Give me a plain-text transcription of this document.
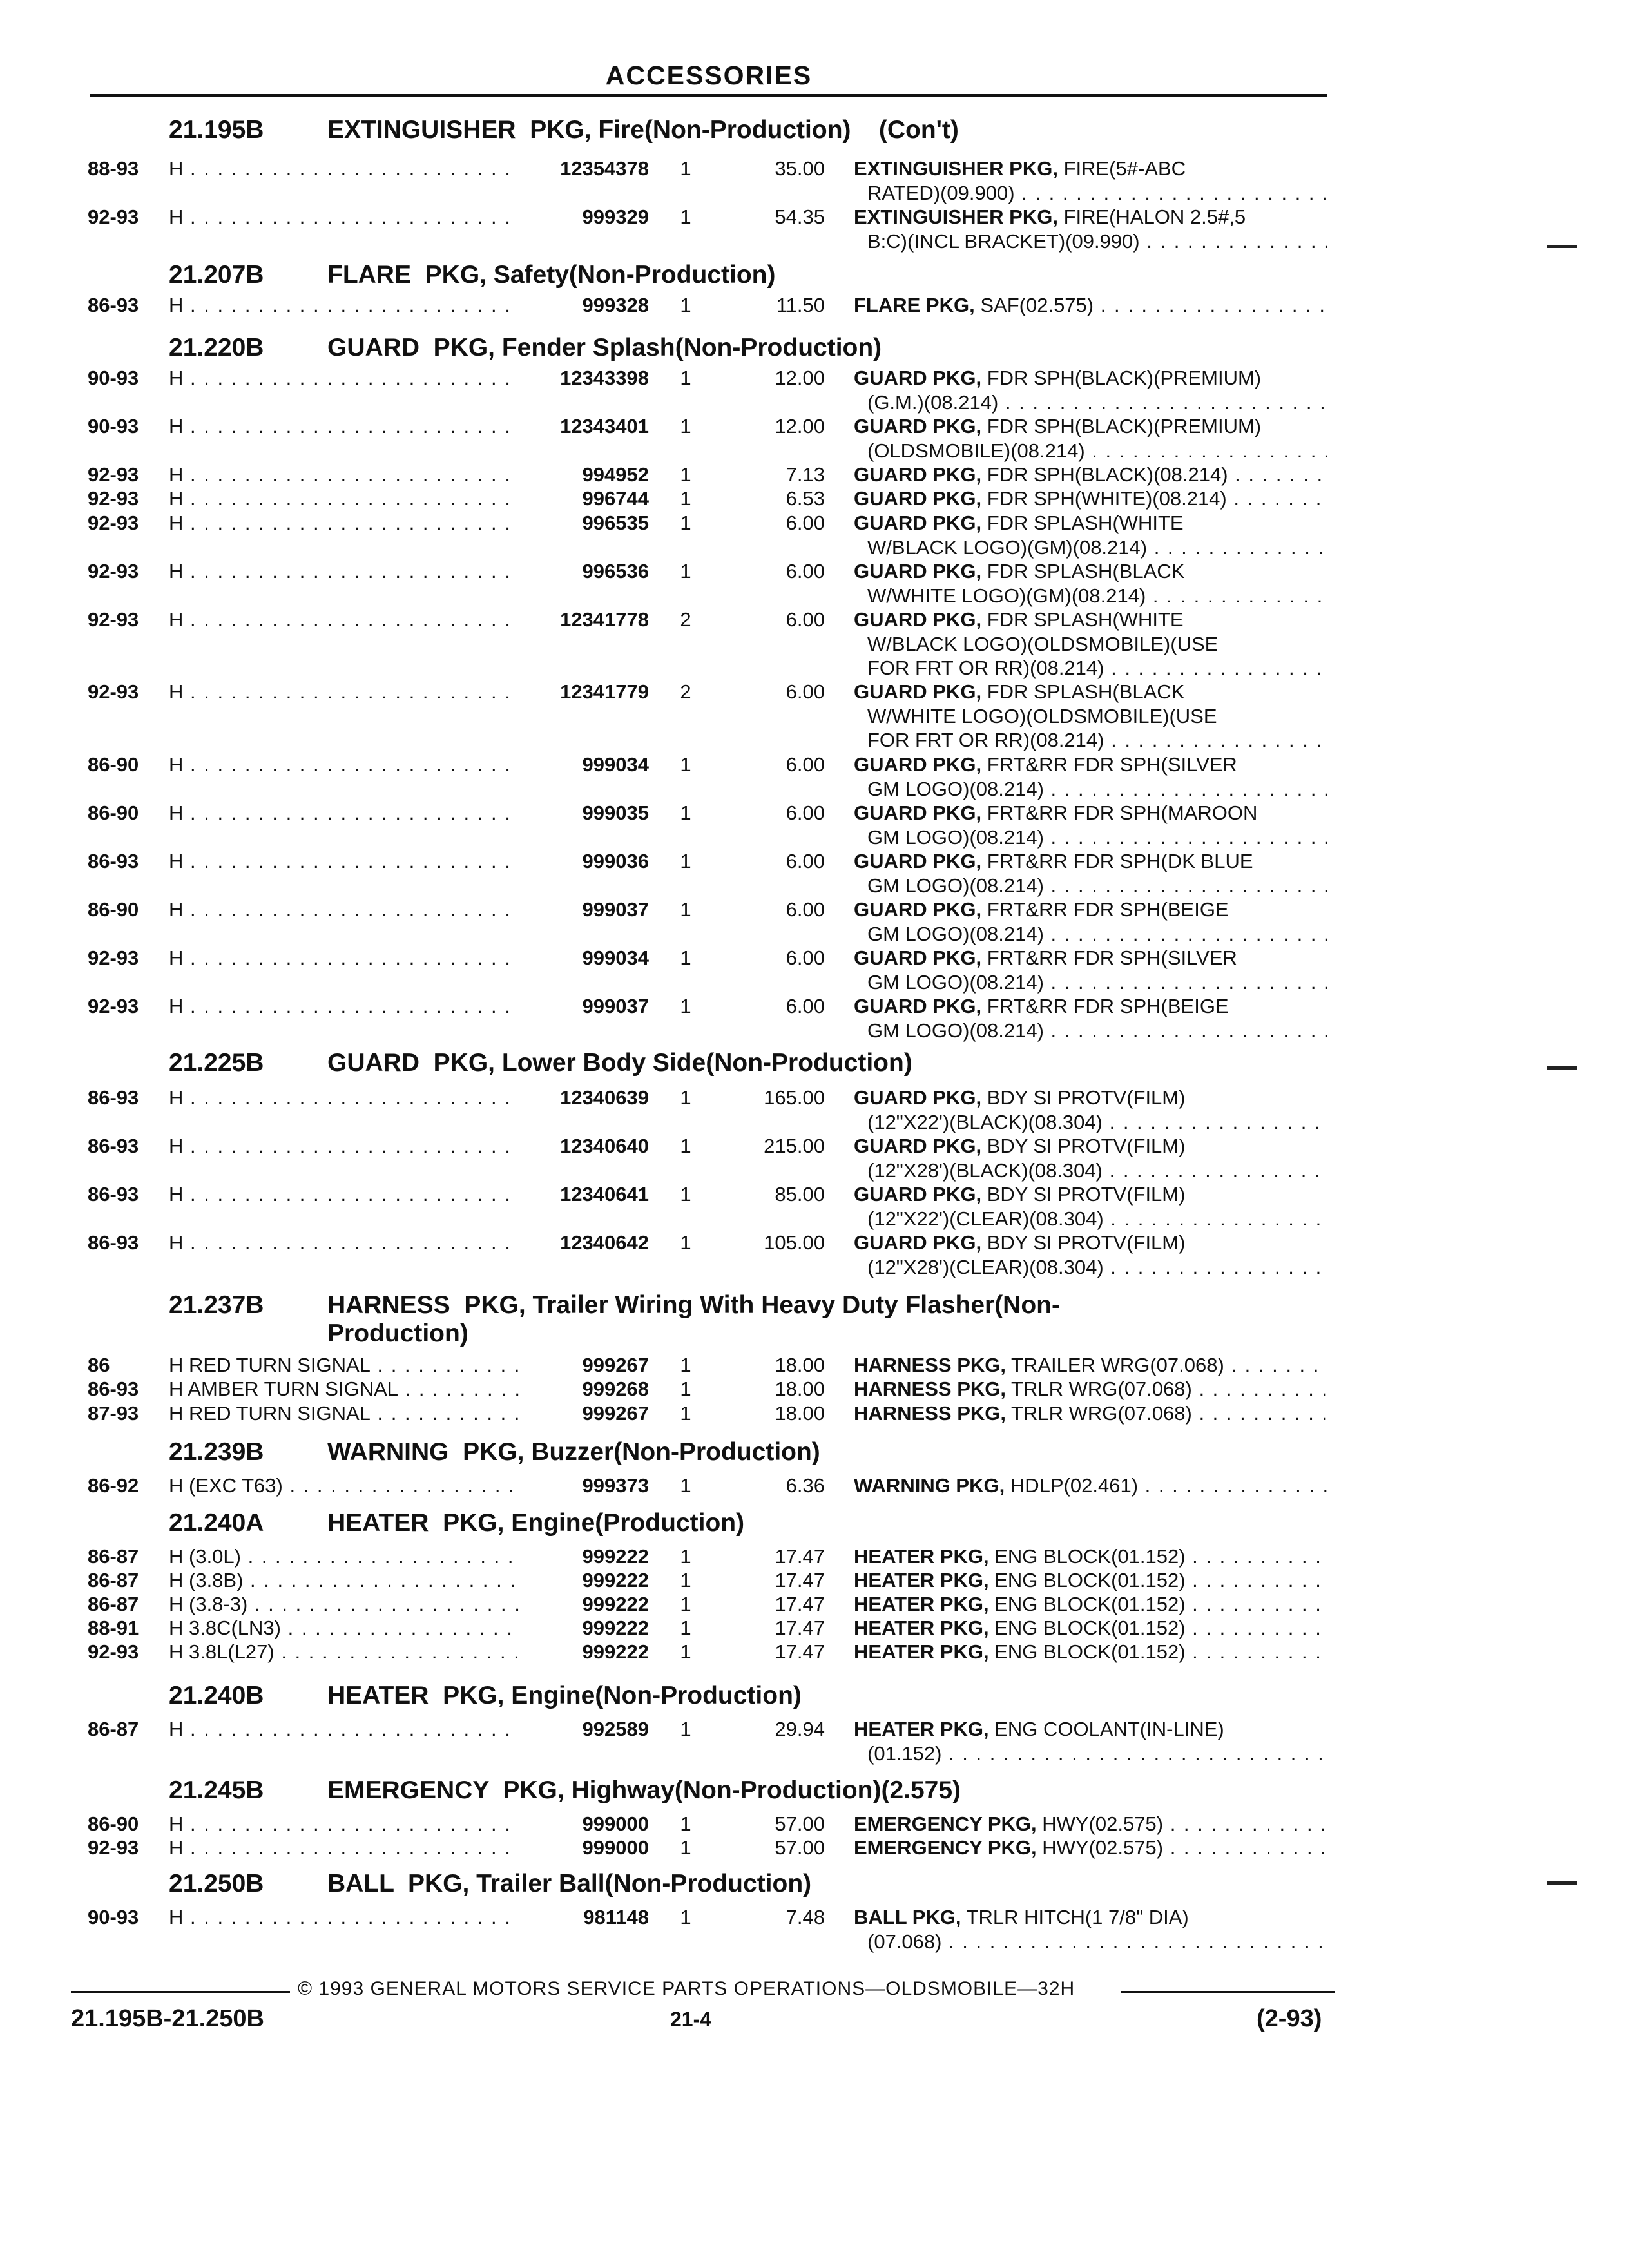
ACCESSORIES
21.195B	EXTINGUISHER  PKG, Fire(Non-Production)    (Con't)
88-93 H . . .	12354378 1	35.00 EXTINGUISHER PKG, FIRE(5#-ABC
RATED)(09.900) . . .
92-93 H . . .	999329 1	54.35 EXTINGUISHER PKG, FIRE(HALON 2.5#,5
B:C)(INCL BRACKET)(09.990) . . .
21.207B	FLARE  PKG, Safety(Non-Production)
86-93 H . . .	999328 1	11.50 FLARE PKG, SAF(02.575) . . .
21.220B	GUARD  PKG, Fender Splash(Non-Production)
90-93 H . . .	12343398 1	12.00 GUARD PKG, FDR SPH(BLACK)(PREMIUM)
(G.M.)(08.214) . . .
90-93 H . . .	12343401 1	12.00 GUARD PKG, FDR SPH(BLACK)(PREMIUM)
(OLDSMOBILE)(08.214) . . .
92-93 H . . .	994952 1	7.13 GUARD PKG, FDR SPH(BLACK)(08.214) . . .
92-93 H . . .	996744 1	6.53 GUARD PKG, FDR SPH(WHITE)(08.214) . . .
92-93 H . . .	996535 1	6.00 GUARD PKG, FDR SPLASH(WHITE
W/BLACK LOGO)(GM)(08.214) . . .
92-93 H . . .	996536 1	6.00 GUARD PKG, FDR SPLASH(BLACK
W/WHITE LOGO)(GM)(08.214) . . .
92-93 H . . .	12341778 2	6.00 GUARD PKG, FDR SPLASH(WHITE
W/BLACK LOGO)(OLDSMOBILE)(USE
FOR FRT OR RR)(08.214) . . .
92-93 H . . .	12341779 2	6.00 GUARD PKG, FDR SPLASH(BLACK
W/WHITE LOGO)(OLDSMOBILE)(USE
FOR FRT OR RR)(08.214) . . .
86-90 H . . .	999034 1	6.00 GUARD PKG, FRT&RR FDR SPH(SILVER
GM LOGO)(08.214) . . .
86-90 H . . .	999035 1	6.00 GUARD PKG, FRT&RR FDR SPH(MAROON
GM LOGO)(08.214) . . .
86-93 H . . .	999036 1	6.00 GUARD PKG, FRT&RR FDR SPH(DK BLUE
GM LOGO)(08.214) . . .
86-90 H . . .	999037 1	6.00 GUARD PKG, FRT&RR FDR SPH(BEIGE
GM LOGO)(08.214) . . .
92-93 H . . .	999034 1	6.00 GUARD PKG, FRT&RR FDR SPH(SILVER
GM LOGO)(08.214) . . .
92-93 H . . .	999037 1	6.00 GUARD PKG, FRT&RR FDR SPH(BEIGE
GM LOGO)(08.214) . . .
21.225B	GUARD  PKG, Lower Body Side(Non-Production)
86-93 H . . .	12340639 1	165.00 GUARD PKG, BDY SI PROTV(FILM)
(12"X22')(BLACK)(08.304) . . .
86-93 H . . .	12340640 1	215.00 GUARD PKG, BDY SI PROTV(FILM)
(12"X28')(BLACK)(08.304) . . .
86-93 H . . .	12340641 1	85.00 GUARD PKG, BDY SI PROTV(FILM)
(12"X22')(CLEAR)(08.304) . . .
86-93 H . . .	12340642 1	105.00 GUARD PKG, BDY SI PROTV(FILM)
(12"X28')(CLEAR)(08.304) . . .
21.237B	HARNESS  PKG, Trailer Wiring With Heavy Duty Flasher(Non-
Production)
86	H RED TURN SIGNAL . . .	999267 1	18.00 HARNESS PKG, TRAILER WRG(07.068) . . .
86-93 H AMBER TURN SIGNAL . . .	999268 1	18.00 HARNESS PKG, TRLR WRG(07.068) . . .
87-93 H RED TURN SIGNAL . . .	999267 1	18.00 HARNESS PKG, TRLR WRG(07.068) . . .
21.239B	WARNING  PKG, Buzzer(Non-Production)
86-92 H (EXC T63) . . .	999373 1	6.36 WARNING PKG, HDLP(02.461) . . .
21.240A	HEATER  PKG, Engine(Production)
86-87 H (3.0L) . . .	999222 1	17.47 HEATER PKG, ENG BLOCK(01.152) . . .
86-87 H (3.8B) . . .	999222 1	17.47 HEATER PKG, ENG BLOCK(01.152) . . .
86-87 H (3.8-3) . . .	999222 1	17.47 HEATER PKG, ENG BLOCK(01.152) . . .
88-91 H 3.8C(LN3) . . .	999222 1	17.47 HEATER PKG, ENG BLOCK(01.152) . . .
92-93 H 3.8L(L27) . . .	999222 1	17.47 HEATER PKG, ENG BLOCK(01.152) . . .
21.240B	HEATER  PKG, Engine(Non-Production)
86-87 H . . .	992589 1	29.94 HEATER PKG, ENG COOLANT(IN-LINE)
(01.152) . . .
21.245B	EMERGENCY  PKG, Highway(Non-Production)(2.575)
86-90 H . . .	999000 1	57.00 EMERGENCY PKG, HWY(02.575) . . .
92-93 H . . .	999000 1	57.00 EMERGENCY PKG, HWY(02.575) . . .
21.250B	BALL  PKG, Trailer Ball(Non-Production)
90-93 H . . .	981148 1	7.48 BALL PKG, TRLR HITCH(1 7/8" DIA)
(07.068) . . .
© 1993 GENERAL MOTORS SERVICE PARTS OPERATIONS—OLDSMOBILE—32H
21.195B-21.250B	21-4	(2-93)
